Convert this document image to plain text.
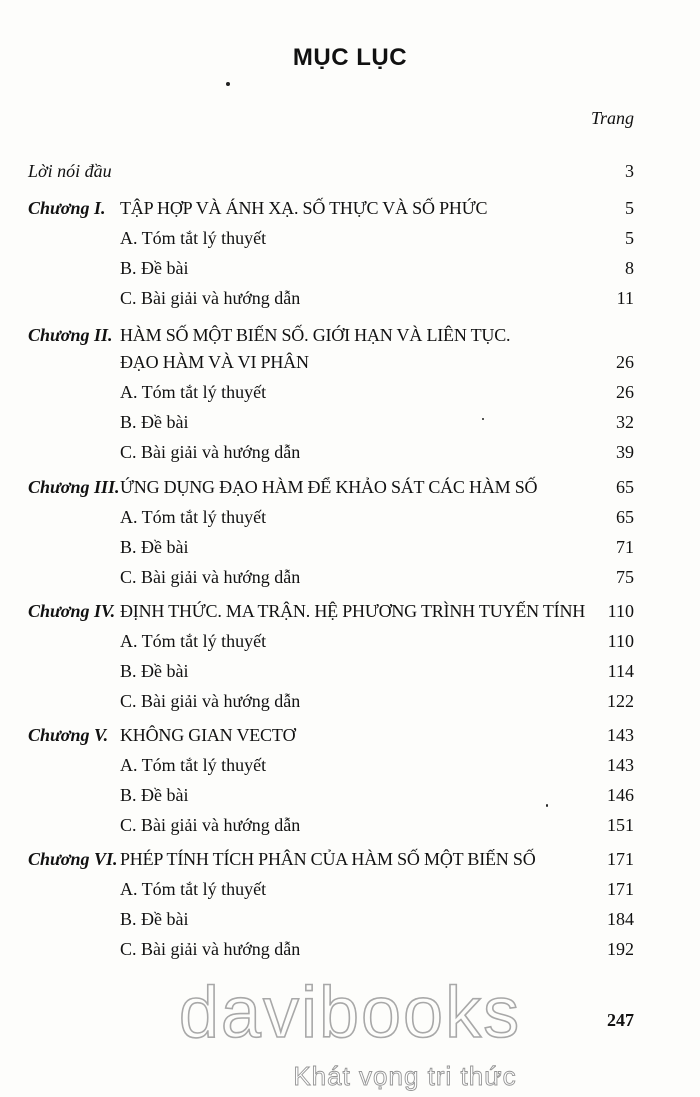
MỤC LỤC
Trang
Lời nói đầu	3
Chương I. TẬP HỢP VÀ ÁNH XẠ. SỐ THỰC VÀ SỐ PHỨC	5
A. Tóm tắt lý thuyết	5
B. Đề bài	8
C. Bài giải và hướng dẫn	11
Chương II. HÀM SỐ MỘT BIẾN SỐ. GIỚI HẠN VÀ LIÊN TỤC.
ĐẠO HÀM VÀ VI PHÂN	26
A. Tóm tắt lý thuyết	26
B. Đề bài	32
C. Bài giải và hướng dẫn	39
Chương III. ỨNG DỤNG ĐẠO HÀM ĐỂ KHẢO SÁT CÁC HÀM SỐ	65
A. Tóm tắt lý thuyết	65
B. Đề bài	71
C. Bài giải và hướng dẫn	75
Chương IV. ĐỊNH THỨC. MA TRẬN. HỆ PHƯƠNG TRÌNH TUYẾN TÍNH 110
A. Tóm tắt lý thuyết	110
B. Đề bài	114
C. Bài giải và hướng dẫn	122
Chương V. KHÔNG GIAN VECTƠ	143
A. Tóm tắt lý thuyết	143
B. Đề bài	146
C. Bài giải và hướng dẫn	151
Chương VI. PHÉP TÍNH TÍCH PHÂN CỦA HÀM SỐ MỘT BIẾN SỐ	171
A. Tóm tắt lý thuyết	171
B. Đề bài	184
C. Bài giải và hướng dẫn	192
247
davibooks
Khát vọng tri thức
